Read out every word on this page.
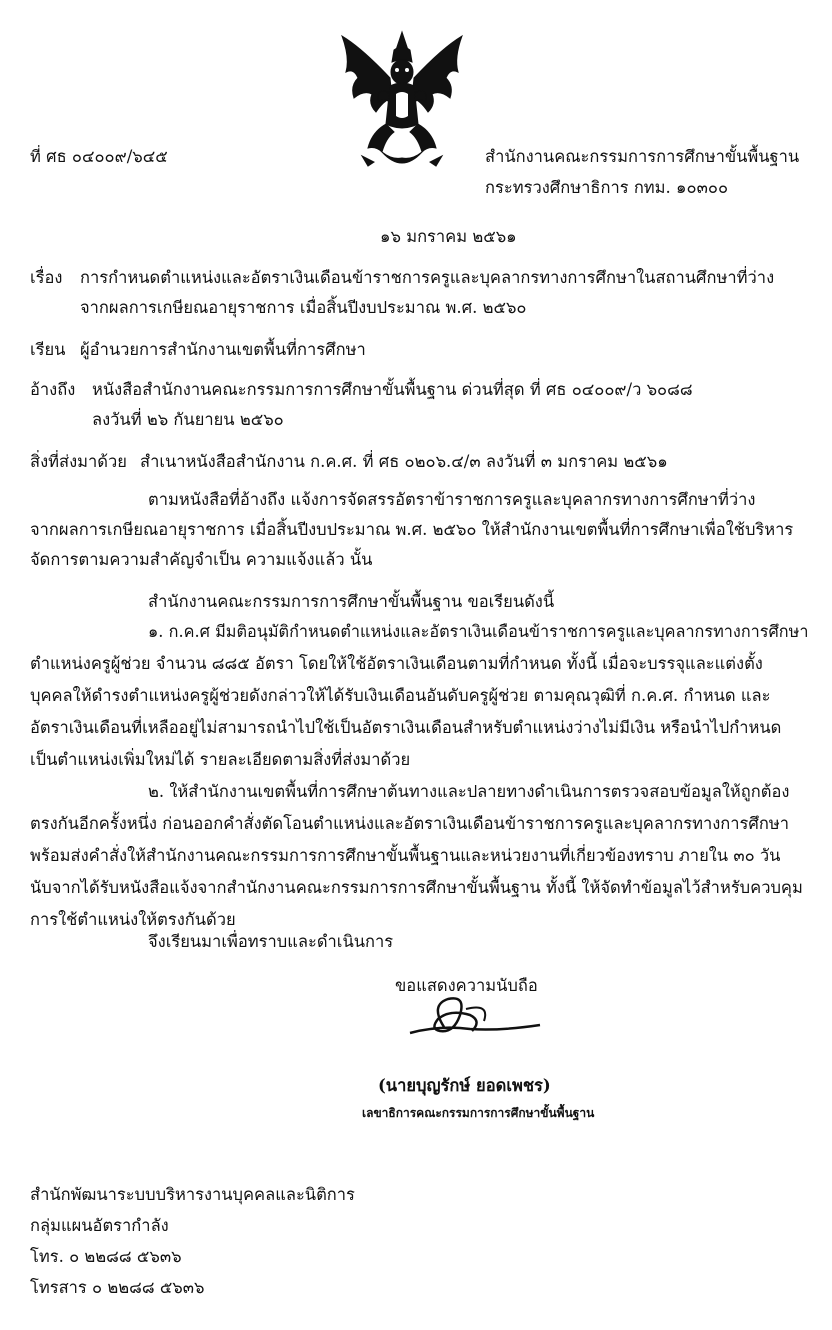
ที่ ศธ ๐๔๐๐๙/๖๔๕	สำนักงานคณะกรรมการการศึกษาขั้นพื้นฐาน
กระทรวงศึกษาธิการ กทม. ๑๐๓๐๐
๑๖ มกราคม ๒๕๖๑
เรื่อง การกำหนดตำแหน่งและอัตราเงินเดือนข้าราชการครูและบุคลากรทางการศึกษาในสถานศึกษาที่ว่าง
จากผลการเกษียณอายุราชการ เมื่อสิ้นปีงบประมาณ พ.ศ. ๒๕๖๐
เรียน ผู้อำนวยการสำนักงานเขตพื้นที่การศึกษา
อ้างถึง หนังสือสำนักงานคณะกรรมการการศึกษาขั้นพื้นฐาน ด่วนที่สุด ที่ ศธ ๐๔๐๐๙/ว ๖๐๘๘
ลงวันที่ ๒๖ กันยายน ๒๕๖๐
สิ่งที่ส่งมาด้วย สำเนาหนังสือสำนักงาน ก.ค.ศ. ที่ ศธ ๐๒๐๖.๔/๓ ลงวันที่ ๓ มกราคม ๒๕๖๑
ตามหนังสือที่อ้างถึง แจ้งการจัดสรรอัตราข้าราชการครูและบุคลากรทางการศึกษาที่ว่าง
จากผลการเกษียณอายุราชการ เมื่อสิ้นปีงบประมาณ พ.ศ. ๒๕๖๐ ให้สำนักงานเขตพื้นที่การศึกษาเพื่อใช้บริหาร
จัดการตามความสำคัญจำเป็น ความแจ้งแล้ว นั้น
สำนักงานคณะกรรมการการศึกษาขั้นพื้นฐาน ขอเรียนดังนี้
๑. ก.ค.ศ มีมติอนุมัติกำหนดตำแหน่งและอัตราเงินเดือนข้าราชการครูและบุคลากรทางการศึกษา
ตำแหน่งครูผู้ช่วย จำนวน ๘๘๕ อัตรา โดยให้ใช้อัตราเงินเดือนตามที่กำหนด ทั้งนี้ เมื่อจะบรรจุและแต่งตั้ง
บุคคลให้ดำรงตำแหน่งครูผู้ช่วยดังกล่าวให้ได้รับเงินเดือนอันดับครูผู้ช่วย ตามคุณวุฒิที่ ก.ค.ศ. กำหนด และ
อัตราเงินเดือนที่เหลืออยู่ไม่สามารถนำไปใช้เป็นอัตราเงินเดือนสำหรับตำแหน่งว่างไม่มีเงิน หรือนำไปกำหนด
เป็นตำแหน่งเพิ่มใหม่ได้ รายละเอียดตามสิ่งที่ส่งมาด้วย
๒. ให้สำนักงานเขตพื้นที่การศึกษาต้นทางและปลายทางดำเนินการตรวจสอบข้อมูลให้ถูกต้อง
ตรงกันอีกครั้งหนึ่ง ก่อนออกคำสั่งตัดโอนตำแหน่งและอัตราเงินเดือนข้าราชการครูและบุคลากรทางการศึกษา
พร้อมส่งคำสั่งให้สำนักงานคณะกรรมการการศึกษาขั้นพื้นฐานและหน่วยงานที่เกี่ยวข้องทราบ ภายใน ๓๐ วัน
นับจากได้รับหนังสือแจ้งจากสำนักงานคณะกรรมการการศึกษาขั้นพื้นฐาน ทั้งนี้ ให้จัดทำข้อมูลไว้สำหรับควบคุม
การใช้ตำแหน่งให้ตรงกันด้วย
จึงเรียนมาเพื่อทราบและดำเนินการ
ขอแสดงความนับถือ
(นายบุญรักษ์ ยอดเพชร)
เลขาธิการคณะกรรมการการศึกษาขั้นพื้นฐาน
สำนักพัฒนาระบบบริหารงานบุคคลและนิติการ
กลุ่มแผนอัตรากำลัง
โทร. ๐ ๒๒๘๘ ๕๖๓๖
โทรสาร ๐ ๒๒๘๘ ๕๖๓๖
